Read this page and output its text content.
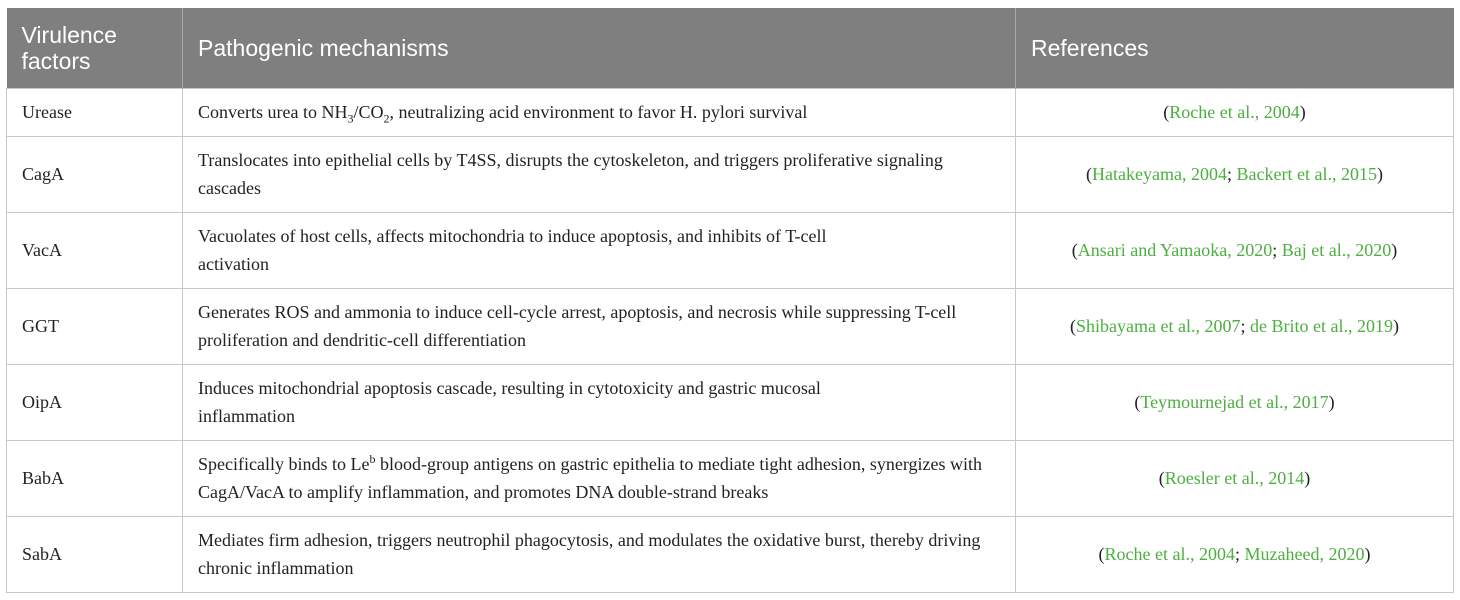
Virulence factors	Pathogenic mechanisms	References
Urease	Converts urea to $NH_3/CO_2$, neutralizing acid environment to favor H. pylori survival	(Roche et al., 2004)
CagA	Translocates into epithelial cells by T4SS, disrupts the cytoskeleton, and triggers proliferative signaling cascades	(Hatakeyama, 2004; Backert et al., 2015)
VacA	Vacuolates of host cells, affects mitochondria to induce apoptosis, and inhibits of T-cell activation	(Ansari and Yamaoka, 2020; Baj et al., 2020)
GGT	Generates ROS and ammonia to induce cell-cycle arrest, apoptosis, and necrosis while suppressing T-cell proliferation and dendritic-cell differentiation	(Shibayama et al., 2007; de Brito et al., 2019)
OipA	Induces mitochondrial apoptosis cascade, resulting in cytotoxicity and gastric mucosal inflammation	(Teymournejad et al., 2017)
BabA	Specifically binds to Le$^b$ blood-group antigens on gastric epithelia to mediate tight adhesion, synergizes with CagA/VacA to amplify inflammation, and promotes DNA double-strand breaks	(Roesler et al., 2014)
SabA	Mediates firm adhesion, triggers neutrophil phagocytosis, and modulates the oxidative burst, thereby driving chronic inflammation	(Roche et al., 2004; Muzaheed, 2020)
